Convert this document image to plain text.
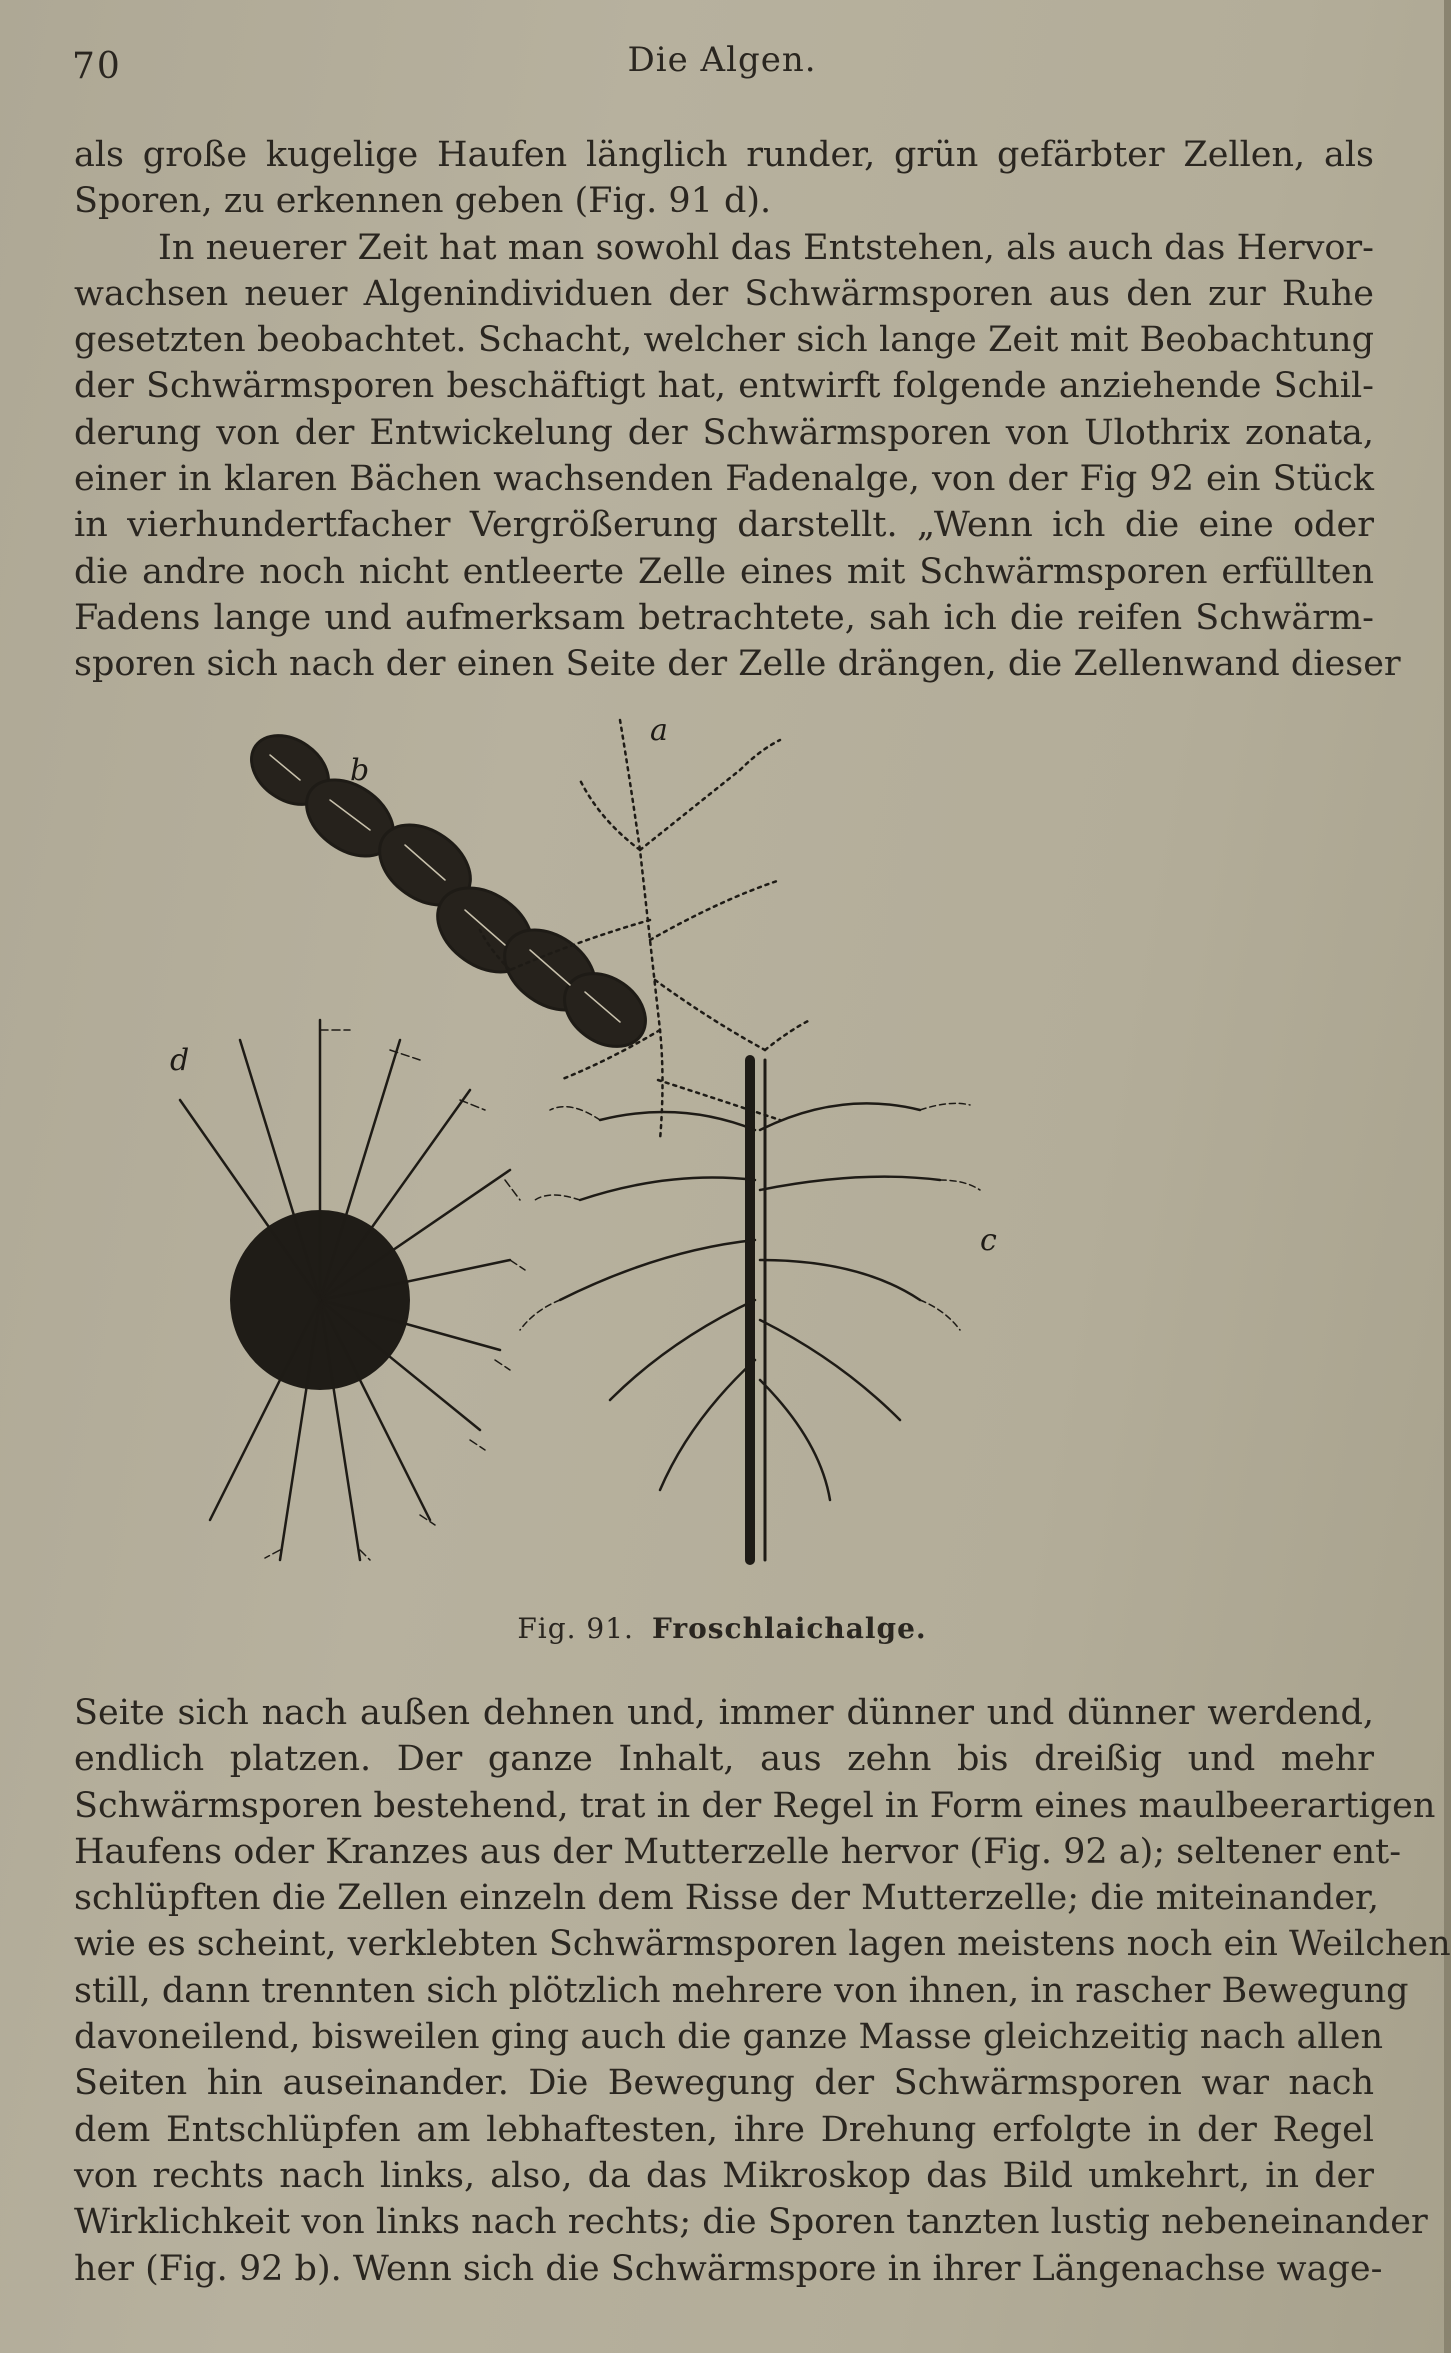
70	Die Algen.
als große kugelige Haufen länglich runder, grün gefärbter Zellen, als
Sporen, zu erkennen geben (Fig. 91 d).
In neuerer Zeit hat man sowohl das Entstehen, als auch das Hervor-
wachsen neuer Algenindividuen der Schwärmsporen aus den zur Ruhe
gesetzten beobachtet. Schacht, welcher sich lange Zeit mit Beobachtung
der Schwärmsporen beschäftigt hat, entwirft folgende anziehende Schil-
derung von der Entwickelung der Schwärmsporen von Ulothrix zonata,
einer in klaren Bächen wachsenden Fadenalge, von der Fig 92 ein Stück
in vierhundertfacher Vergrößerung darstellt. „Wenn ich die eine oder
die andre noch nicht entleerte Zelle eines mit Schwärmsporen erfüllten
Fadens lange und aufmerksam betrachtete, sah ich die reifen Schwärm-
sporen sich nach der einen Seite der Zelle drängen, die Zellenwand dieser
b
a
d
c
Fig. 91. Froschlaichalge.
Seite sich nach außen dehnen und, immer dünner und dünner werdend,
endlich platzen. Der ganze Inhalt, aus zehn bis dreißig und mehr
Schwärmsporen bestehend, trat in der Regel in Form eines maulbeerartigen
Haufens oder Kranzes aus der Mutterzelle hervor (Fig. 92 a); seltener ent-
schlüpften die Zellen einzeln dem Risse der Mutterzelle; die miteinander,
wie es scheint, verklebten Schwärmsporen lagen meistens noch ein Weilchen
still, dann trennten sich plötzlich mehrere von ihnen, in rascher Bewegung
davoneilend, bisweilen ging auch die ganze Masse gleichzeitig nach allen
Seiten hin auseinander. Die Bewegung der Schwärmsporen war nach
dem Entschlüpfen am lebhaftesten, ihre Drehung erfolgte in der Regel
von rechts nach links, also, da das Mikroskop das Bild umkehrt, in der
Wirklichkeit von links nach rechts; die Sporen tanzten lustig nebeneinander
her (Fig. 92 b). Wenn sich die Schwärmspore in ihrer Längenachse wage-
